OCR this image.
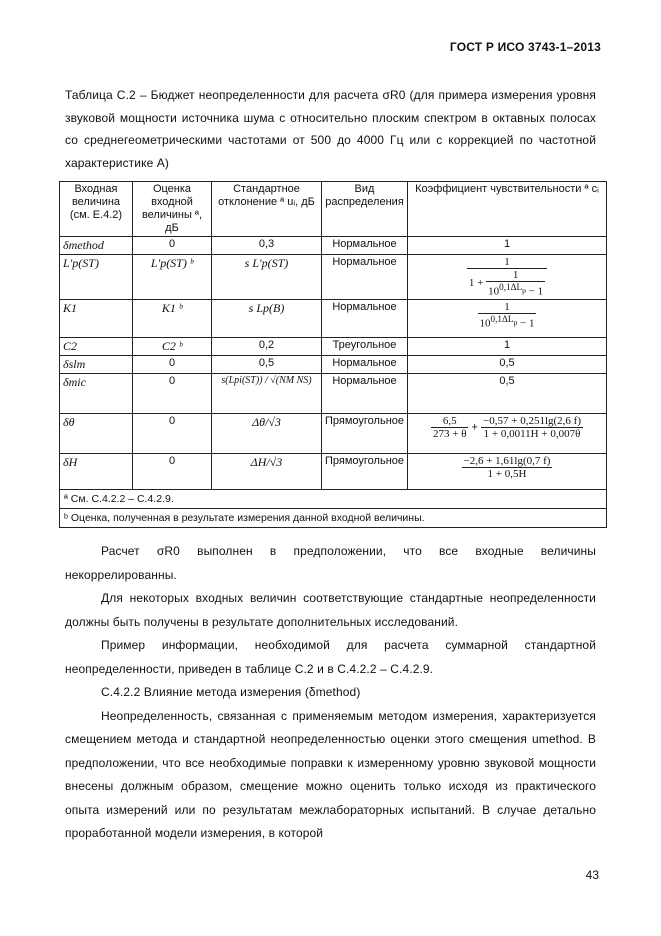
ГОСТ Р ИСО 3743-1–2013
Таблица С.2 – Бюджет неопределенности для расчета σR0 (для примера измерения уровня звуковой мощности источника шума с относительно плоским спектром в октавных полосах со среднегеометрическими частотами от 500 до 4000 Гц или с коррекцией по частотной характеристике A)
Входная величина (см. Е.4.2)	Оценка входной величины ª, дБ	Стандартное отклонение ª uᵢ, дБ	Вид распределения	Коэффициент чувствительности ª cᵢ
δmethod	0	0,3	Нормальное	1
L′p(ST)	L′p(ST) ᵇ	s L′p(ST)	Нормальное	$\frac{1}{1 + \frac{1}{10^{0,1\Delta L_p} - 1}}$

K1	K1 ᵇ	s Lp(B)	Нормальное	$\frac{1}{10^{0,1\Delta L_p} - 1}$

C2	C2 ᵇ	0,2	Треугольное	1
δslm	0	0,5	Нормальное	0,5
δmic	0	s(Lpi(ST)) / √(NM NS)	Нормальное	0,5
δθ	0	Δθ/√3	Прямоугольное	$\frac{6,5}{273 + \theta} + \frac{-0,57 + 0,251\lg(2,6 f)}{1 + 0,0011H + 0,007\theta}$

δH	0	ΔH/√3	Прямоугольное	$\frac{-2,6 + 1,61\lg(0,7 f)}{1 + 0,5H}$

ª См. С.4.2.2 – С.4.2.9.				
ᵇ Оценка, полученная в результате измерения данной входной величины.				

Расчет σR0 выполнен в предположении, что все входные величины некоррелированны.

Для некоторых входных величин соответствующие стандартные неопределенности должны быть получены в результате дополнительных исследований.

Пример информации, необходимой для расчета суммарной стандартной неопределенности, приведен в таблице С.2 и в С.4.2.2 – С.4.2.9.

С.4.2.2 Влияние метода измерения (δmethod)

Неопределенность, связанная с применяемым методом измерения, характеризуется смещением метода и стандартной неопределенностью оценки этого смещения umethod. В предположении, что все необходимые поправки к измеренному уровню звуковой мощности внесены должным образом, смещение можно оценить только исходя из практического опыта измерений или по результатам межлабораторных испытаний. В случае детально проработанной модели измерения, в которой

43
